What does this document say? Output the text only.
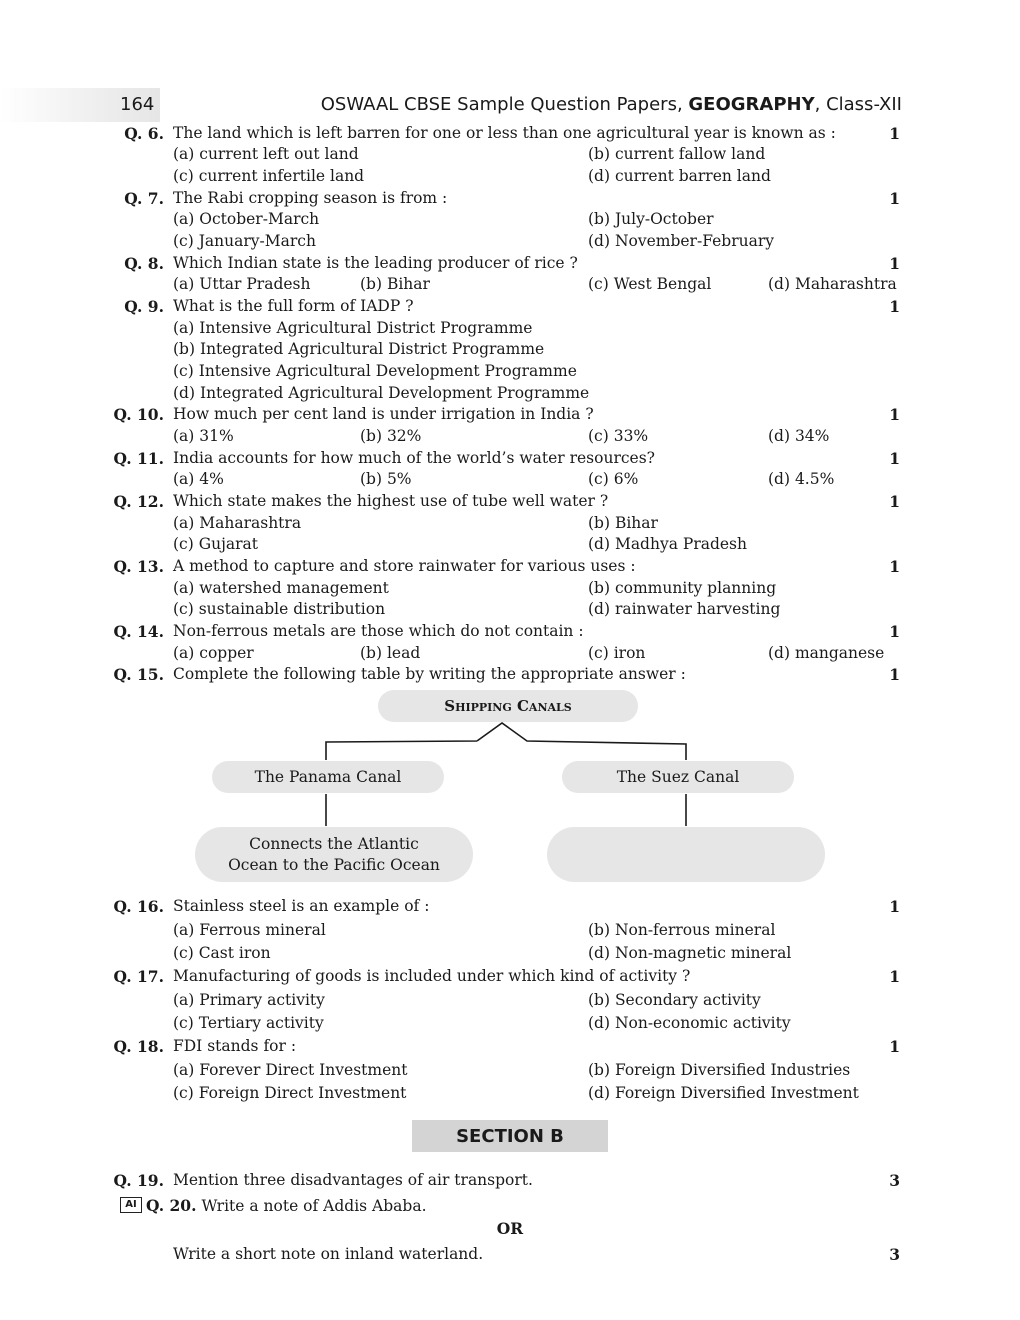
164	OSWAAL CBSE Sample Question Papers, GEOGRAPHY, Class-XII
Q. 6. The land which is left barren for one or less than one agricultural year is known as :	1
(a) current left out land	(b) current fallow land
(c) current infertile land	(d) current barren land
Q. 7. The Rabi cropping season is from :	1
(a) October-March	(b) July-October
(c) January-March	(d) November-February
Q. 8. Which Indian state is the leading producer of rice ?	1
(a) Uttar Pradesh	(b) Bihar	(c) West Bengal	(d) Maharashtra
Q. 9. What is the full form of IADP ?	1
(a) Intensive Agricultural District Programme
(b) Integrated Agricultural District Programme
(c) Intensive Agricultural Development Programme
(d) Integrated Agricultural Development Programme
Q. 10. How much per cent land is under irrigation in India ?	1
(a) 31%	(b) 32%	(c) 33%	(d) 34%
Q. 11. India accounts for how much of the world’s water resources?	1
(a) 4%	(b) 5%	(c) 6%	(d) 4.5%
Q. 12. Which state makes the highest use of tube well water ?	1
(a) Maharashtra	(b) Bihar
(c) Gujarat	(d) Madhya Pradesh
Q. 13. A method to capture and store rainwater for various uses :	1
(a) watershed management	(b) community planning
(c) sustainable distribution	(d) rainwater harvesting
Q. 14. Non-ferrous metals are those which do not contain :	1
(a) copper	(b) lead	(c) iron	(d) manganese
Q. 15. Complete the following table by writing the appropriate answer :	1
Shipping Canals
The Panama Canal	The Suez Canal
Connects the Atlantic
Ocean to the Pacific Ocean
Q. 16. Stainless steel is an example of :	1
(a) Ferrous mineral	(b) Non-ferrous mineral
(c) Cast iron	(d) Non-magnetic mineral
Q. 17. Manufacturing of goods is included under which kind of activity ?	1
(a) Primary activity	(b) Secondary activity
(c) Tertiary activity	(d) Non-economic activity
Q. 18. FDI stands for :	1
(a) Forever Direct Investment	(b) Foreign Diversified Industries
(c) Foreign Direct Investment	(d) Foreign Diversified Investment
SECTION B
Q. 19. Mention three disadvantages of air transport.	3
AI Q. 20. Write a note of Addis Ababa.
OR
Write a short note on inland waterland.	3
